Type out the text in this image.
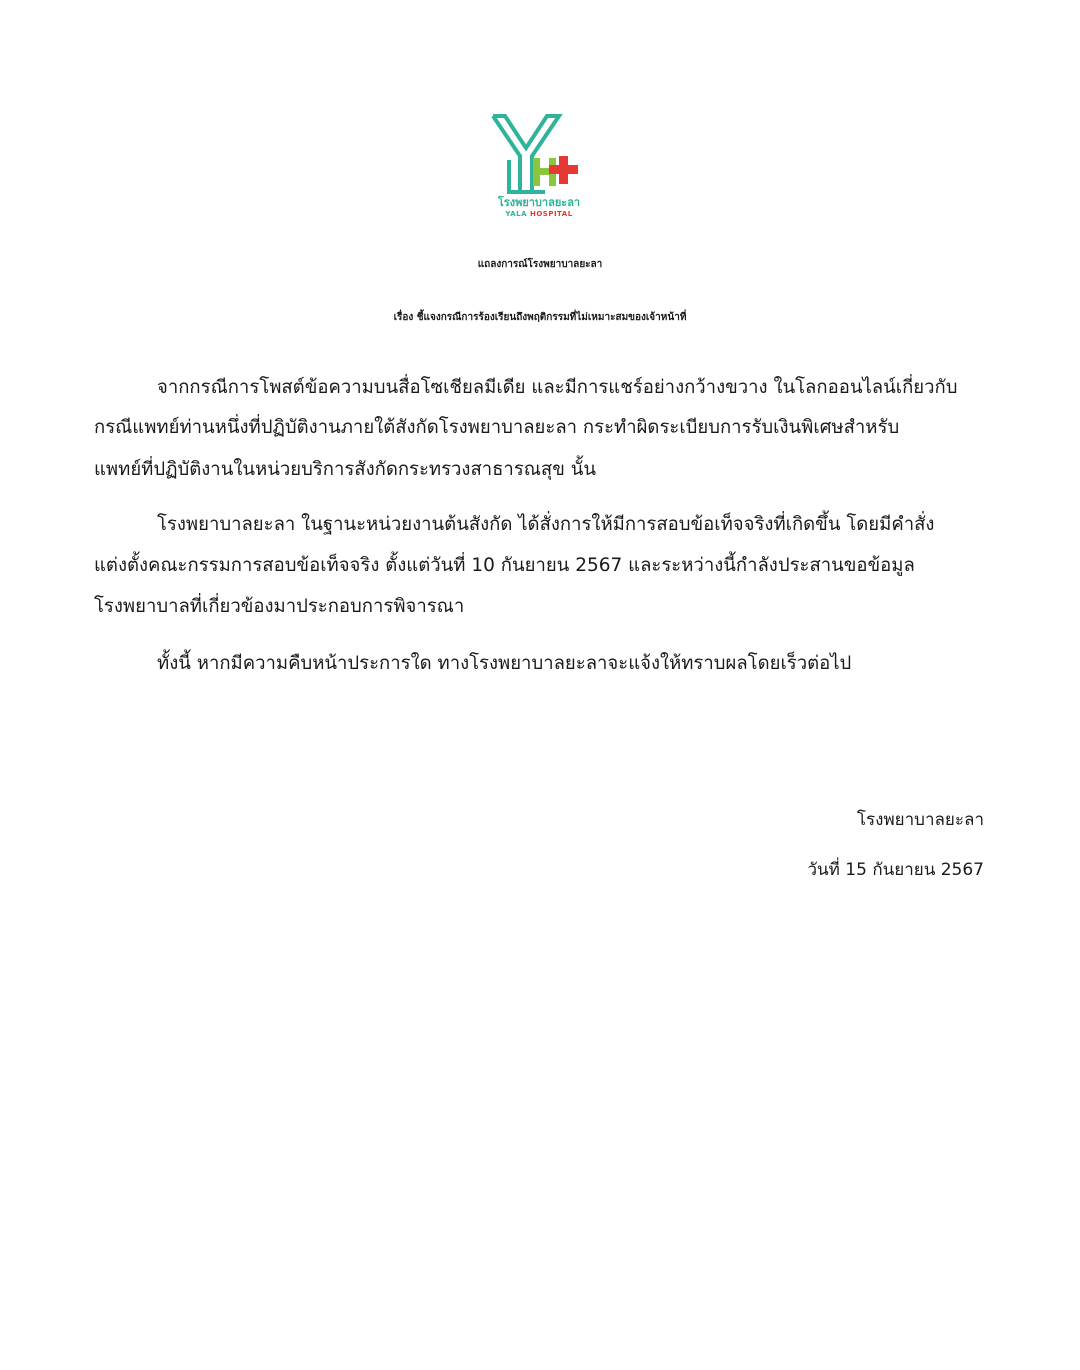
โรงพยาบาลยะลา
YALA HOSPITAL
แถลงการณ์โรงพยาบาลยะลา
เรื่อง ชี้แจงกรณีการร้องเรียนถึงพฤติกรรมที่ไม่เหมาะสมของเจ้าหน้าที่
จากกรณีการโพสต์ข้อความบนสื่อโซเชียลมีเดีย และมีการแชร์อย่างกว้างขวาง ในโลกออนไลน์เกี่ยวกับ
กรณีแพทย์ท่านหนึ่งที่ปฏิบัติงานภายใต้สังกัดโรงพยาบาลยะลา กระทำผิดระเบียบการรับเงินพิเศษสำหรับ
แพทย์ที่ปฏิบัติงานในหน่วยบริการสังกัดกระทรวงสาธารณสุข นั้น
โรงพยาบาลยะลา ในฐานะหน่วยงานต้นสังกัด ได้สั่งการให้มีการสอบข้อเท็จจริงที่เกิดขึ้น โดยมีคำสั่ง
แต่งตั้งคณะกรรมการสอบข้อเท็จจริง ตั้งแต่วันที่ 10 กันยายน 2567 และระหว่างนี้กำลังประสานขอข้อมูล
โรงพยาบาลที่เกี่ยวข้องมาประกอบการพิจารณา
ทั้งนี้ หากมีความคืบหน้าประการใด ทางโรงพยาบาลยะลาจะแจ้งให้ทราบผลโดยเร็วต่อไป
โรงพยาบาลยะลา
วันที่ 15 กันยายน 2567
